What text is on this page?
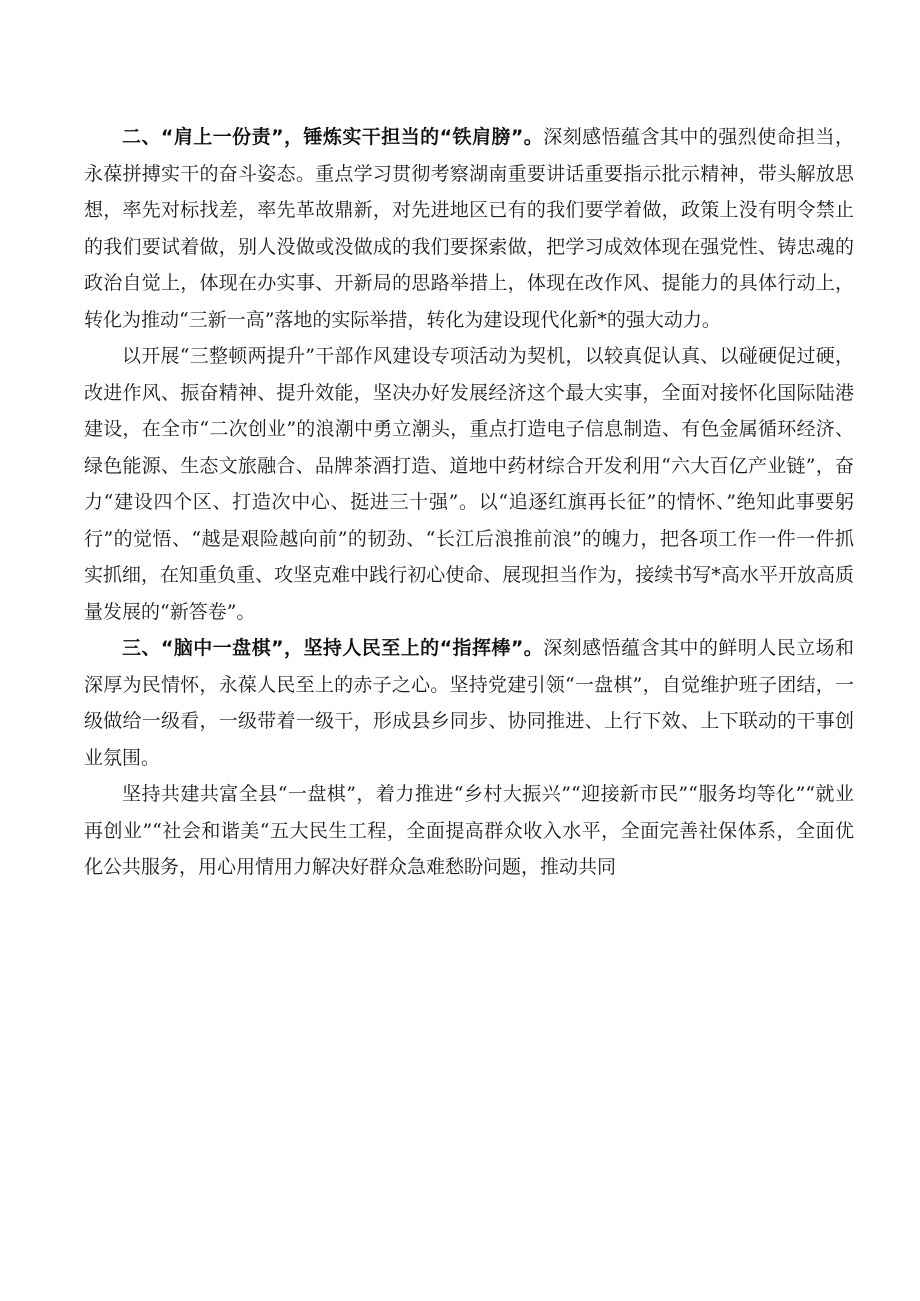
二、“肩上一份责”，锤炼实干担当的“铁肩膀”。深刻感悟蕴含其中的强烈使命担当，永葆拼搏实干的奋斗姿态。重点学习贯彻考察湖南重要讲话重要指示批示精神，带头解放思想，率先对标找差，率先革故鼎新，对先进地区已有的我们要学着做，政策上没有明令禁止的我们要试着做，别人没做或没做成的我们要探索做，把学习成效体现在强党性、铸忠魂的政治自觉上，体现在办实事、开新局的思路举措上，体现在改作风、提能力的具体行动上，转化为推动“三新一高”落地的实际举措，转化为建设现代化新*的强大动力。

以开展“三整顿两提升”干部作风建设专项活动为契机，以较真促认真、以碰硬促过硬，改进作风、振奋精神、提升效能，坚决办好发展经济这个最大实事，全面对接怀化国际陆港建设，在全市“二次创业”的浪潮中勇立潮头，重点打造电子信息制造、有色金属循环经济、绿色能源、生态文旅融合、品牌茶酒打造、道地中药材综合开发利用“六大百亿产业链”，奋力“建设四个区、打造次中心、挺进三十强”。以“追逐红旗再长征”的情怀、”绝知此事要躬行”的觉悟、“越是艰险越向前”的韧劲、“长江后浪推前浪”的魄力，把各项工作一件一件抓实抓细，在知重负重、攻坚克难中践行初心使命、展现担当作为，接续书写*高水平开放高质量发展的“新答卷”。

三、“脑中一盘棋”，坚持人民至上的“指挥棒”。深刻感悟蕴含其中的鲜明人民立场和深厚为民情怀，永葆人民至上的赤子之心。坚持党建引领“一盘棋”，自觉维护班子团结，一级做给一级看，一级带着一级干，形成县乡同步、协同推进、上行下效、上下联动的干事创业氛围。

坚持共建共富全县“一盘棋”，着力推进“乡村大振兴”“迎接新市民”“服务均等化”“就业再创业”“社会和谐美“五大民生工程，全面提高群众收入水平，全面完善社保体系，全面优化公共服务，用心用情用力解决好群众急难愁盼问题，推动共同
